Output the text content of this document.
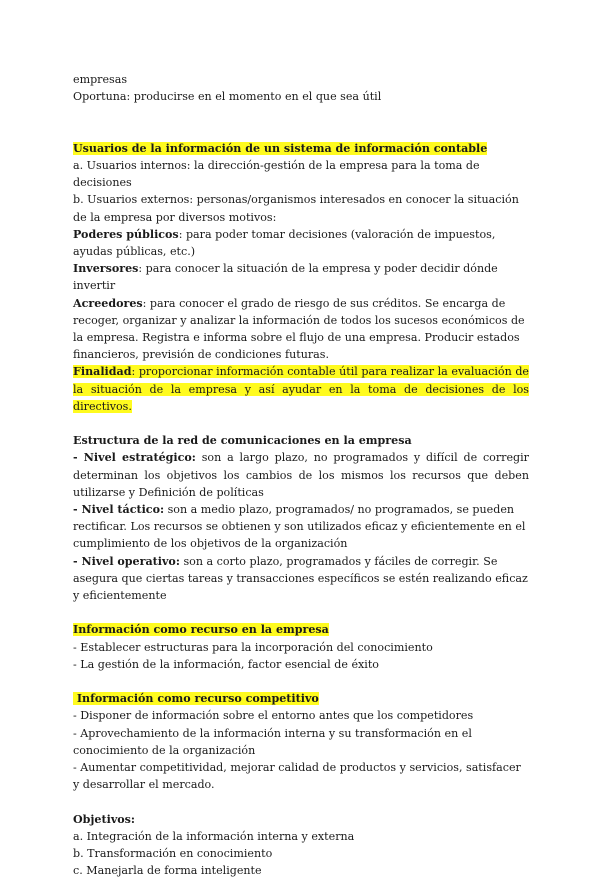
empresas

Oportuna: producirse en el momento en el que sea útil

Usuarios de la información de un sistema de información contable

a. Usuarios internos: la dirección-gestión de la empresa para la toma de decisiones

b. Usuarios externos: personas/organismos interesados en conocer la situación de la empresa por diversos motivos:

Poderes públicos: para poder tomar decisiones (valoración de impuestos, ayudas públicas, etc.)

Inversores: para conocer la situación de la empresa y poder decidir dónde invertir

Acreedores: para conocer el grado de riesgo de sus créditos. Se encarga de recoger, organizar y analizar la información de todos los sucesos económicos de la empresa. Registra e informa sobre el flujo de una empresa. Producir estados financieros, previsión de condiciones futuras.

Finalidad: proporcionar información contable útil para realizar la evaluación de la situación de la empresa y así ayudar en la toma de decisiones de los directivos.

Estructura de la red de comunicaciones en la empresa

- Nivel estratégico: son a largo plazo, no programados y difícil de corregir determinan los objetivos los cambios de los mismos los recursos que deben utilizarse y Definición de políticas

- Nivel táctico: son a medio plazo, programados/ no programados, se pueden rectificar. Los recursos se obtienen y son utilizados eficaz y eficientemente en el cumplimiento de los objetivos de la organización

- Nivel operativo: son a corto plazo, programados y fáciles de corregir. Se asegura que ciertas tareas y transacciones específicos se estén realizando eficaz y eficientemente

Información como recurso en la empresa

- Establecer estructuras para la incorporación del conocimiento

- La gestión de la información, factor esencial de éxito

Información como recurso competitivo

- Disponer de información sobre el entorno antes que los competidores

- Aprovechamiento de la información interna y su transformación en el conocimiento de la organización

- Aumentar competitividad, mejorar calidad de productos y servicios, satisfacer y desarrollar el mercado.

Objetivos:

a. Integración de la información interna y externa

b. Transformación en conocimiento

c. Manejarla de forma inteligente
